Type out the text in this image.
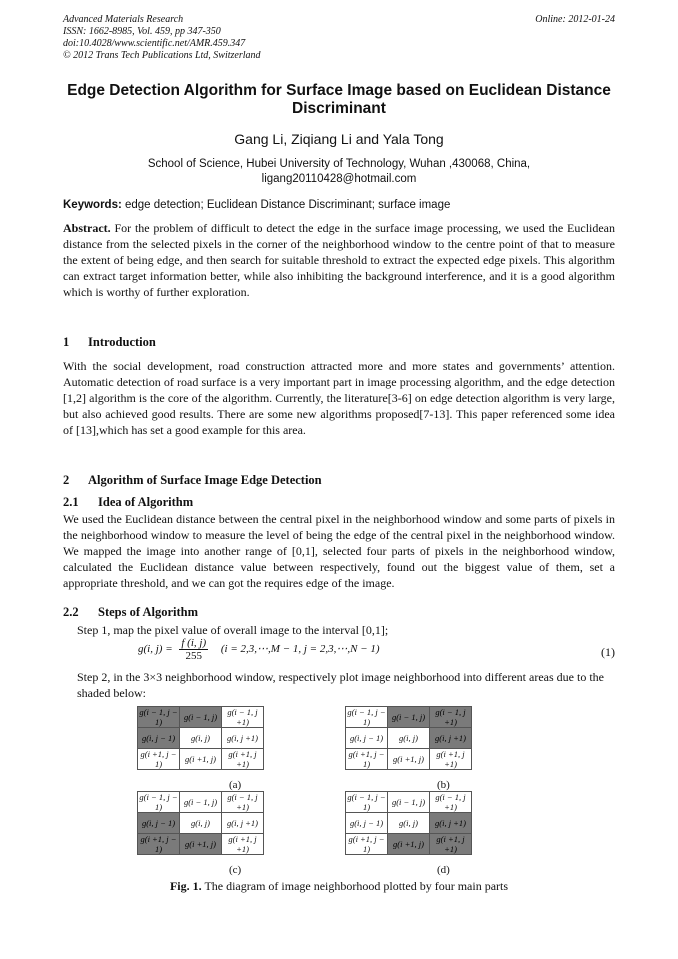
Advanced Materials Research
ISSN: 1662-8985, Vol. 459, pp 347-350
doi:10.4028/www.scientific.net/AMR.459.347
© 2012 Trans Tech Publications Ltd, Switzerland
Online: 2012-01-24
Edge Detection Algorithm for Surface Image based on Euclidean Distance Discriminant
Gang Li, Ziqiang Li and Yala Tong
School of Science, Hubei University of Technology, Wuhan ,430068, China,
ligang20110428@hotmail.com
Keywords: edge detection; Euclidean Distance Discriminant; surface image
Abstract. For the problem of difficult to detect the edge in the surface image processing, we used the Euclidean distance from the selected pixels in the corner of the neighborhood window to the centre point of that to measure the extent of being edge, and then search for suitable threshold to extract the expected edge pixels. This algorithm can extract target information better, while also inhibiting the background interference, and it is a good algorithm which is worthy of further exploration.
1 Introduction
With the social development, road construction attracted more and more states and governments’ attention. Automatic detection of road surface is a very important part in image processing algorithm, and the edge detection [1,2] algorithm is the core of the algorithm. Currently, the literature[3-6] on edge detection algorithm is very large, but also achieved good results. There are some new algorithms proposed[7-13]. This paper referenced some idea of [13],which has set a good example for this area.
2 Algorithm of Surface Image Edge Detection
2.1 Idea of Algorithm
We used the Euclidean distance between the central pixel in the neighborhood window and some parts of pixels in the neighborhood window to measure the level of being the edge of the central pixel in the neighborhood window. We mapped the image into another range of [0,1], selected four parts of pixels in the neighborhood window, calculated the Euclidean distance value between respectively, found out the biggest value of them, set a appropriate threshold, and we can got the requires edge of the image.
2.2 Steps of Algorithm
Step 1, map the pixel value of overall image to the interval [0,1];
g(i, $j) = \frac{f (i, j)}{255} (i$ = 2,3,⋯,M − 1, j = 2,3,⋯,N − 1)	(1)
Step 2, in the 3×3 neighborhood window, respectively plot image neighborhood into different areas due to the shaded below:
g(i − 1, j − 1)	g(i − 1, j)	g(i − 1, j +1)
g(i, j − 1)	g(i, j)	g(i, j +1)
g(i +1, j − 1)	g(i +1, j)	g(i +1, j +1)
(a)
g(i − 1, j − 1)	g(i − 1, j)	g(i − 1, j +1)
g(i, j − 1)	g(i, j)	g(i, j +1)
g(i +1, j − 1)	g(i +1, j)	g(i +1, j +1)
(b)
g(i − 1, j − 1)	g(i − 1, j)	g(i − 1, j +1)
g(i, j − 1)	g(i, j)	g(i, j +1)
g(i +1, j − 1)	g(i +1, j)	g(i +1, j +1)
(c)
g(i − 1, j − 1)	g(i − 1, j)	g(i − 1, j +1)
g(i, j − 1)	g(i, j)	g(i, j +1)
g(i +1, j − 1)	g(i +1, j)	g(i +1, j +1)
(d)
Fig. 1. The diagram of image neighborhood plotted by four main parts
